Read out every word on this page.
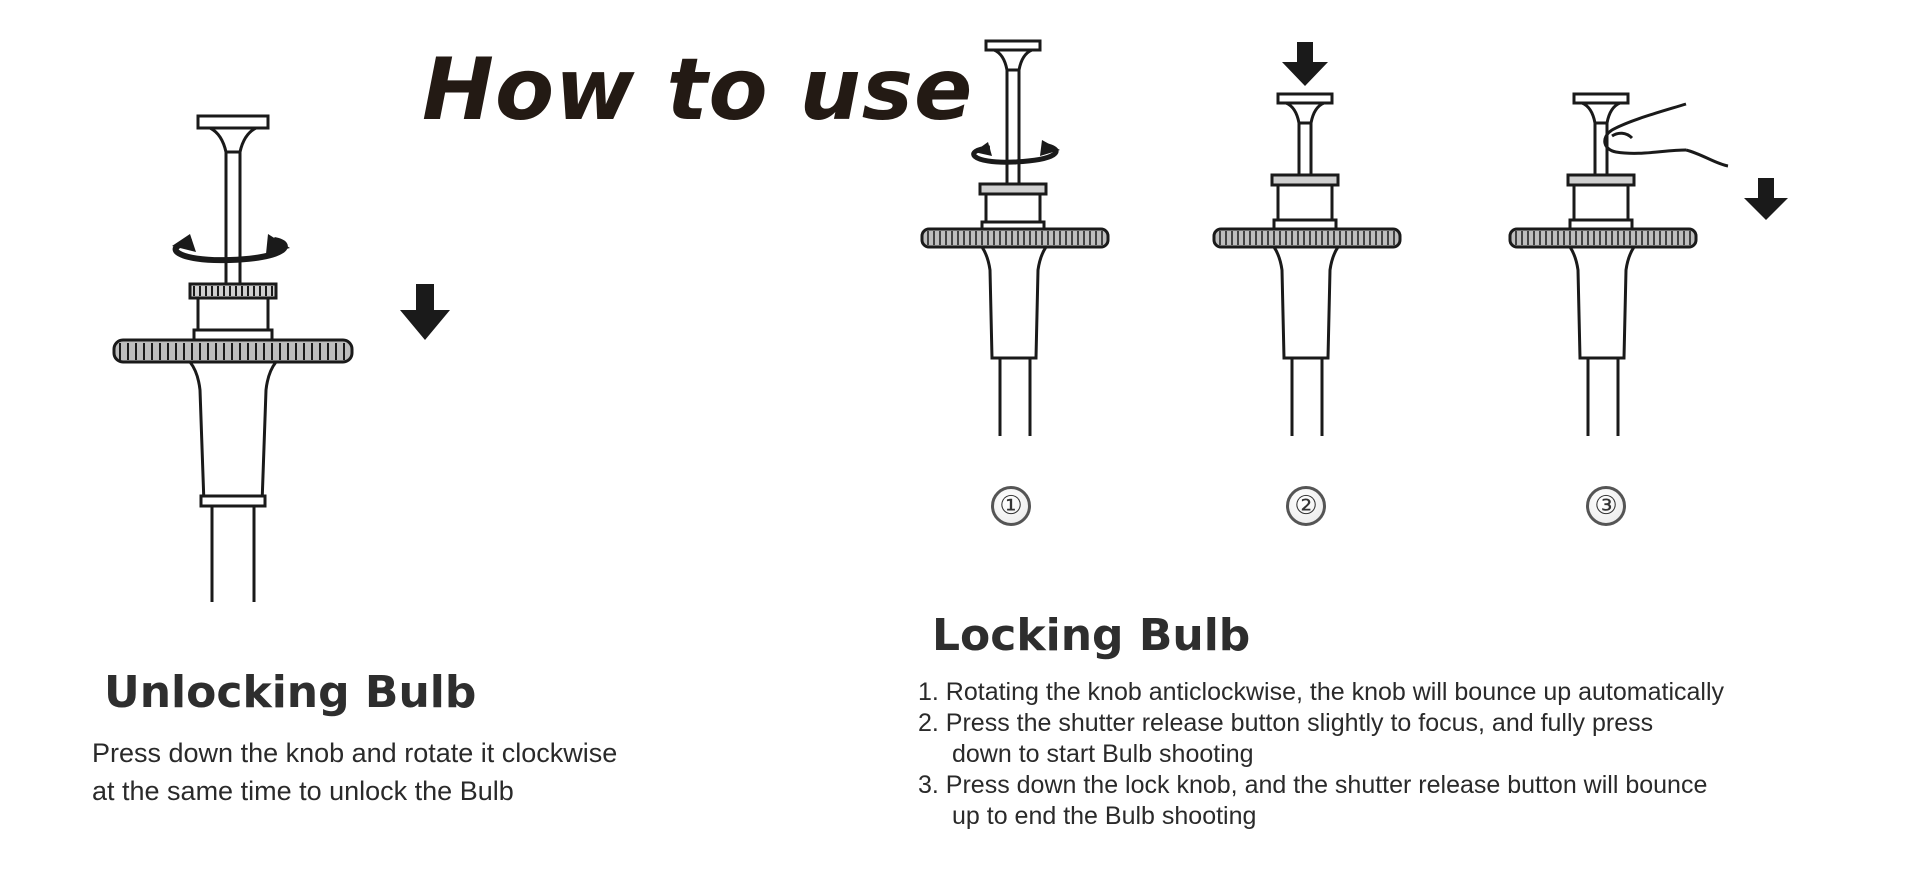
How to use
①	②	③
Unlocking Bulb

Press down the knob and rotate it clockwise

at the same time to unlock the Bulb

Locking Bulb
1. Rotating the knob anticlockwise, the knob will bounce up automatically
2. Press the shutter release button slightly to focus, and fully press
down to start Bulb shooting
3. Press down the lock knob, and the shutter release button will bounce
up to end the Bulb shooting
